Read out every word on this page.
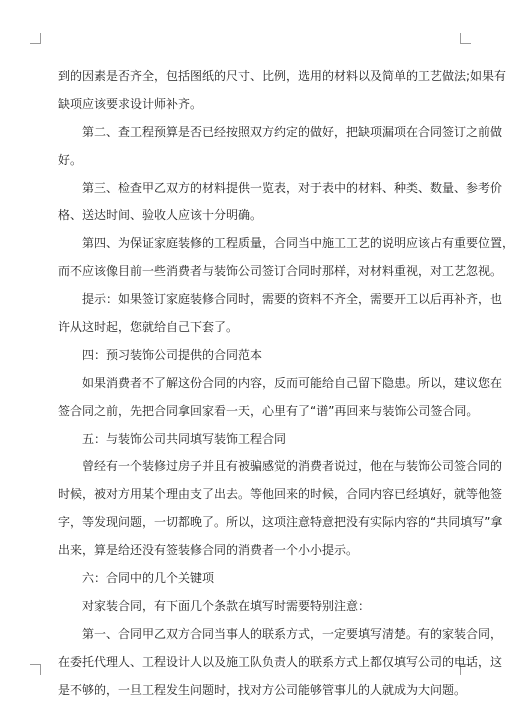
到的因素是否齐全，包括图纸的尺寸、比例，选用的材料以及简单的工艺做法;如果有
缺项应该要求设计师补齐。
第二、查工程预算是否已经按照双方约定的做好，把缺项漏项在合同签订之前做
好。
第三、检查甲乙双方的材料提供一览表，对于表中的材料、种类、数量、参考价
格、送达时间、验收人应该十分明确。
第四、为保证家庭装修的工程质量，合同当中施工工艺的说明应该占有重要位置，
而不应该像目前一些消费者与装饰公司签订合同时那样，对材料重视，对工艺忽视。
提示：如果签订家庭装修合同时，需要的资料不齐全，需要开工以后再补齐，也
许从这时起，您就给自己下套了。
四：预习装饰公司提供的合同范本
如果消费者不了解这份合同的内容，反而可能给自己留下隐患。所以，建议您在
签合同之前，先把合同拿回家看一天，心里有了“谱”再回来与装饰公司签合同。
五：与装饰公司共同填写装饰工程合同
曾经有一个装修过房子并且有被骗感觉的消费者说过，他在与装饰公司签合同的
时候，被对方用某个理由支了出去。等他回来的时候，合同内容已经填好，就等他签
字，等发现问题，一切都晚了。所以，这项注意特意把没有实际内容的“共同填写”拿
出来，算是给还没有签装修合同的消费者一个小小提示。
六：合同中的几个关键项
对家装合同，有下面几个条款在填写时需要特别注意：
第一、合同甲乙双方合同当事人的联系方式，一定要填写清楚。有的家装合同，
在委托代理人、工程设计人以及施工队负责人的联系方式上都仅填写公司的电话，这
是不够的，一旦工程发生问题时，找对方公司能够管事儿的人就成为大问题。
